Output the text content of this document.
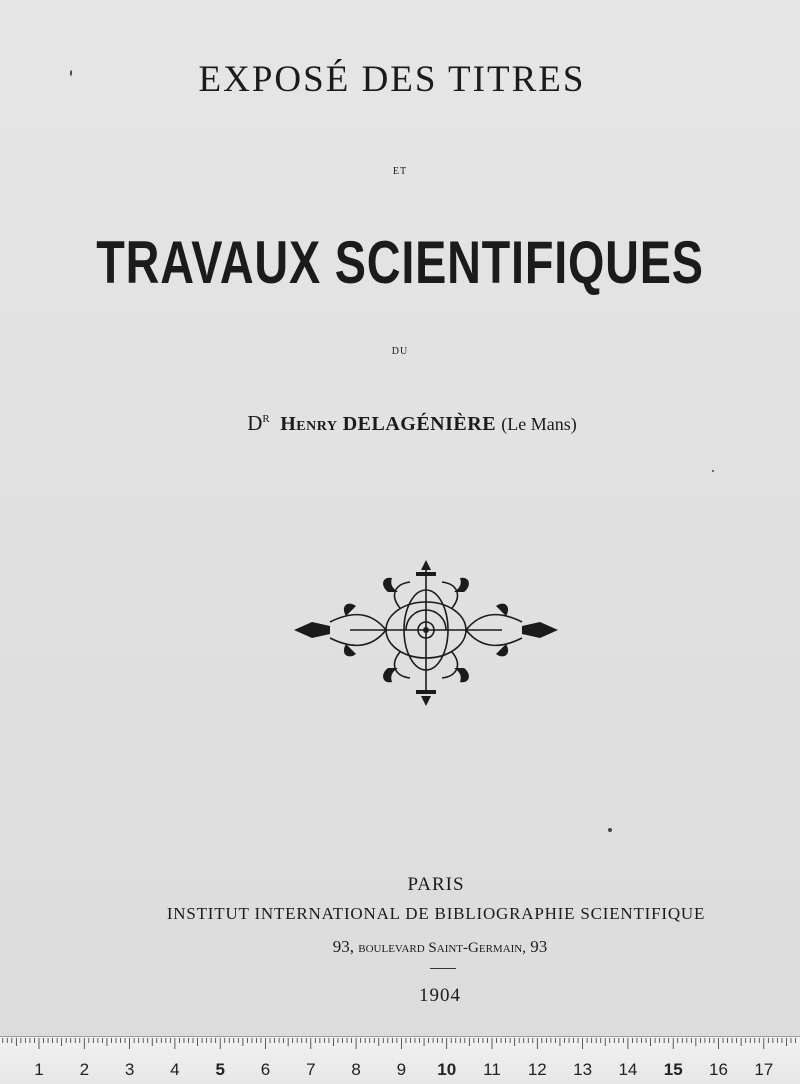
EXPOSÉ DES TITRES
ET
TRAVAUX SCIENTIFIQUES
DU
$D^R$ Henry DELAGÉNIÈRE (Le Mans)
PARIS
INSTITUT INTERNATIONAL DE BIBLIOGRAPHIE SCIENTIFIQUE
93, boulevard Saint-Germain, 93
1904
1 2 3 4 5 6 7 8 9 10 11 12 13 14 15 16 17
